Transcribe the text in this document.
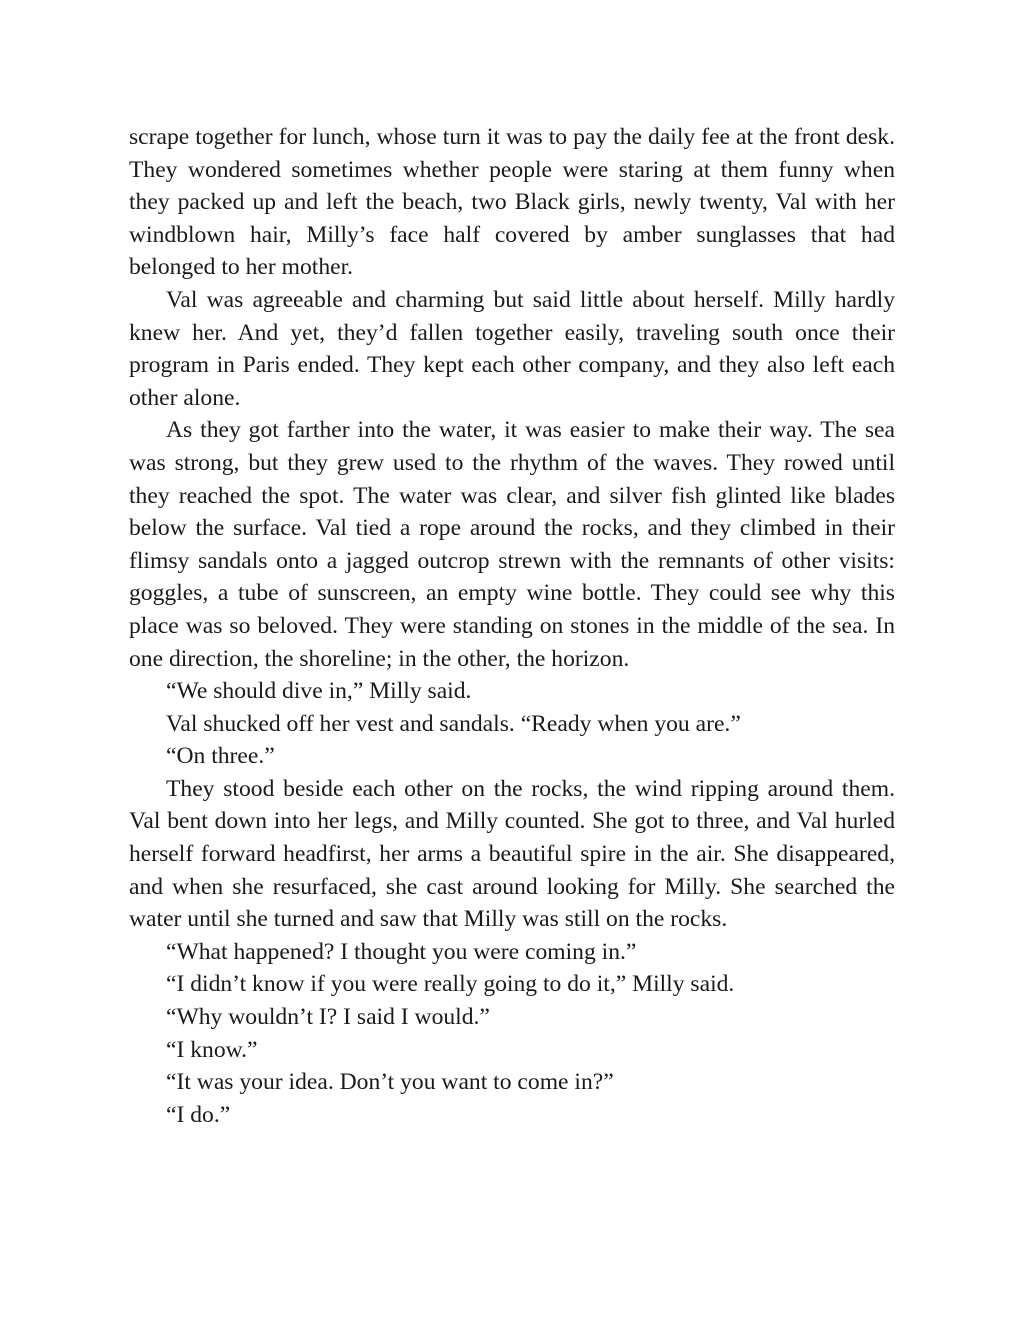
scrape together for lunch, whose turn it was to pay the daily fee at the front desk. They wondered sometimes whether people were staring at them funny when they packed up and left the beach, two Black girls, newly twenty, Val with her windblown hair, Milly’s face half covered by amber sunglasses that had belonged to her mother.

Val was agreeable and charming but said little about herself. Milly hardly knew her. And yet, they’d fallen together easily, traveling south once their program in Paris ended. They kept each other company, and they also left each other alone.

As they got farther into the water, it was easier to make their way. The sea was strong, but they grew used to the rhythm of the waves. They rowed until they reached the spot. The water was clear, and silver fish glinted like blades below the surface. Val tied a rope around the rocks, and they climbed in their flimsy sandals onto a jagged outcrop strewn with the remnants of other visits: goggles, a tube of sunscreen, an empty wine bottle. They could see why this place was so beloved. They were standing on stones in the middle of the sea. In one direction, the shoreline; in the other, the horizon.

“We should dive in,” Milly said.

Val shucked off her vest and sandals. “Ready when you are.”

“On three.”

They stood beside each other on the rocks, the wind ripping around them. Val bent down into her legs, and Milly counted. She got to three, and Val hurled herself forward headfirst, her arms a beautiful spire in the air. She disappeared, and when she resurfaced, she cast around looking for Milly. She searched the water until she turned and saw that Milly was still on the rocks.

“What happened? I thought you were coming in.”

“I didn’t know if you were really going to do it,” Milly said.

“Why wouldn’t I? I said I would.”

“I know.”

“It was your idea. Don’t you want to come in?”

“I do.”
